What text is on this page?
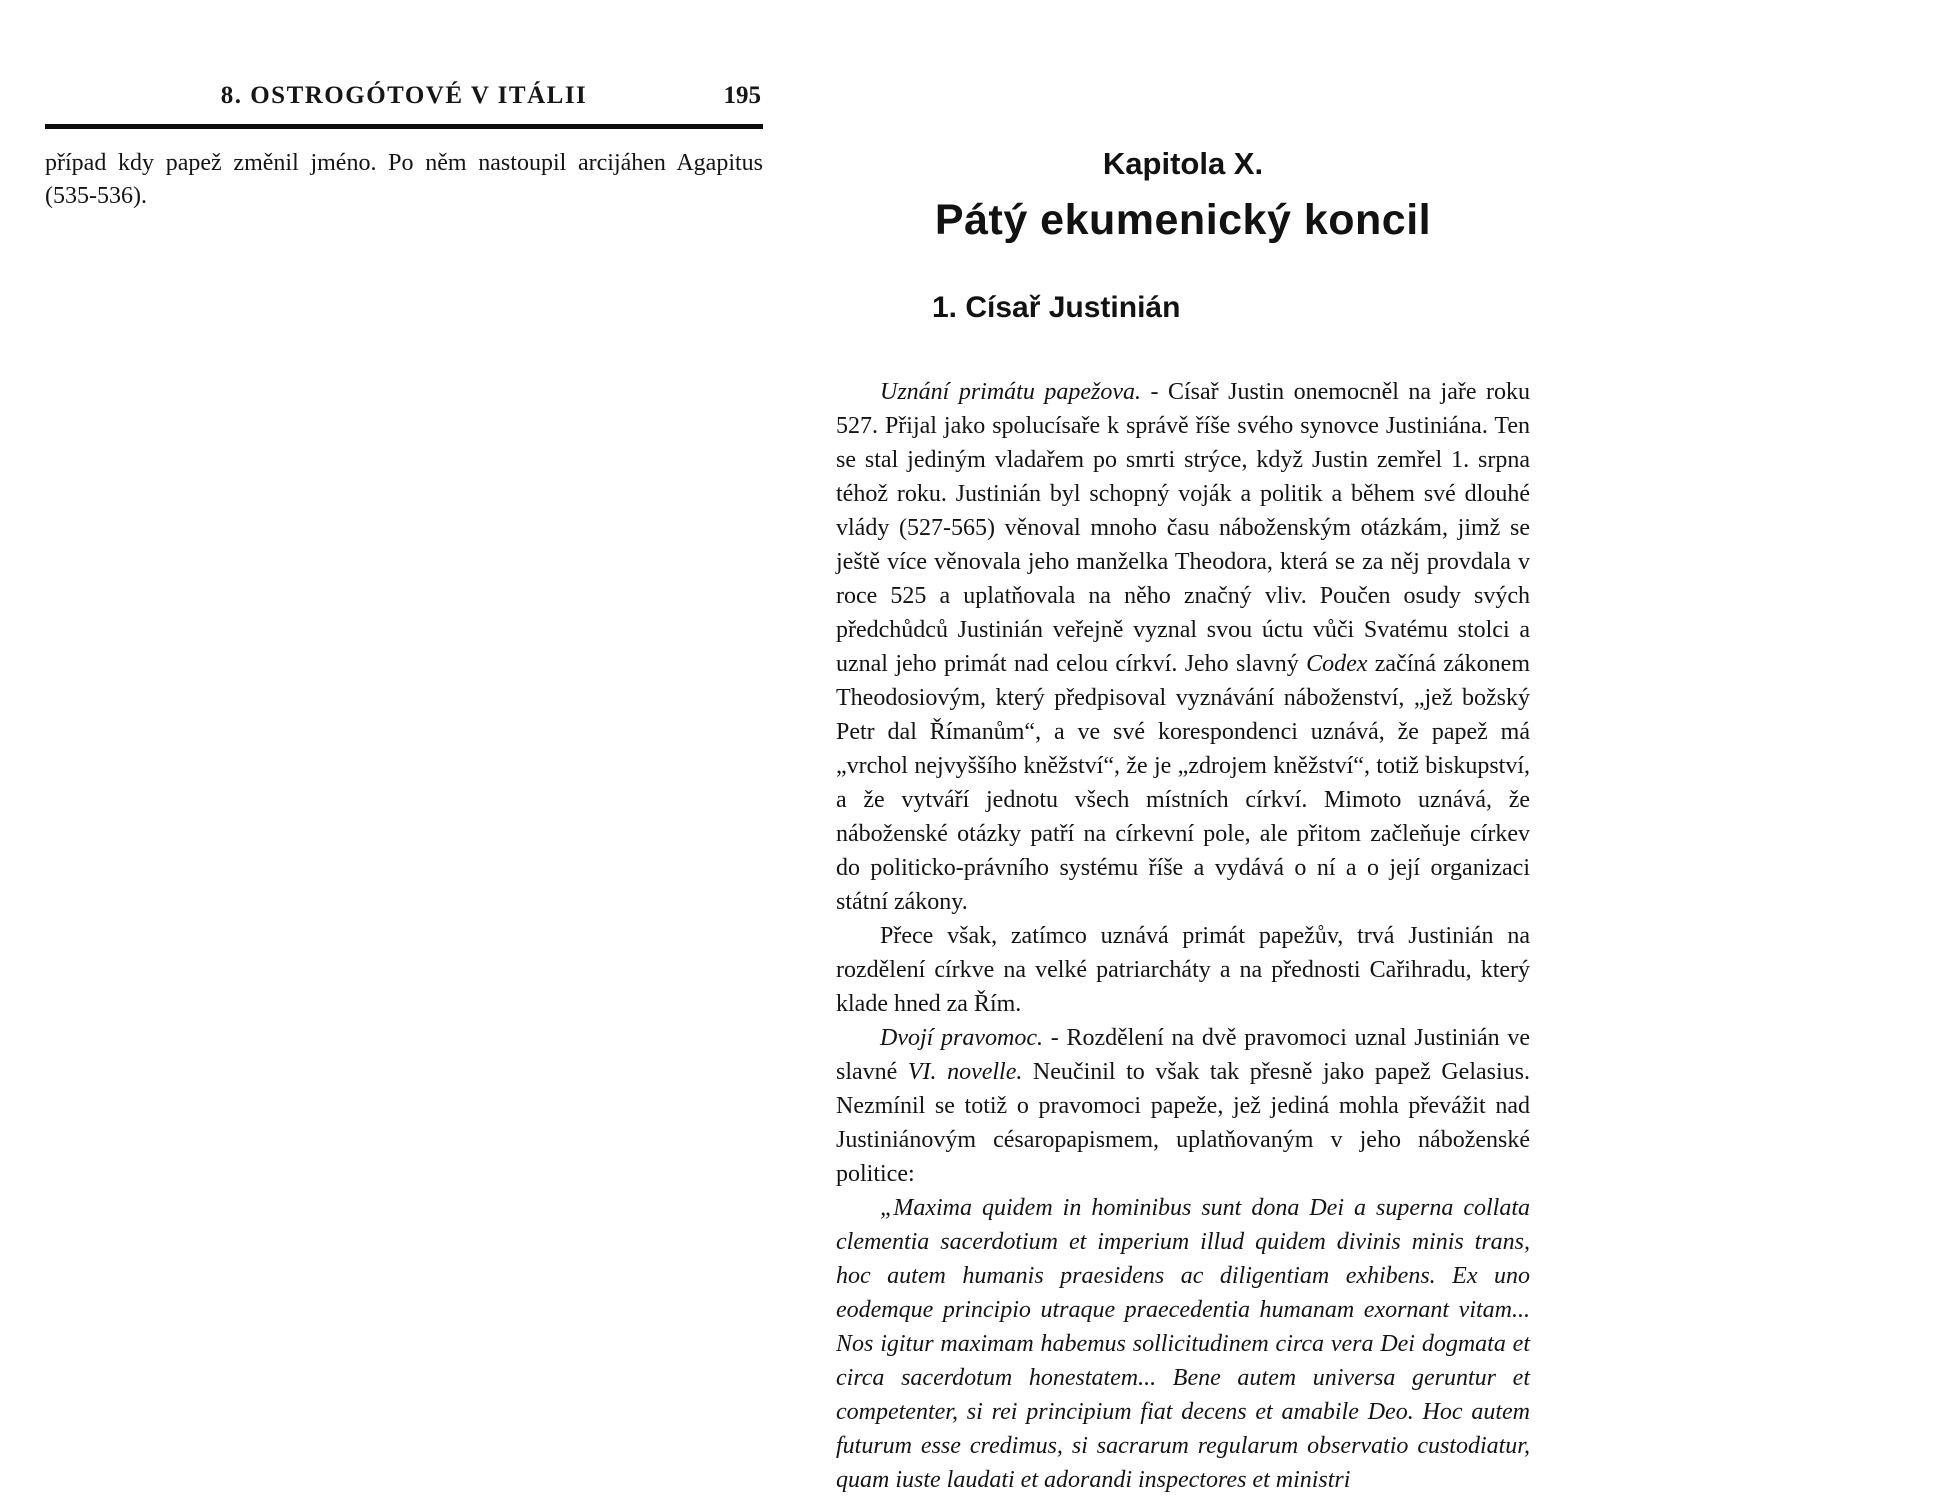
8. OSTROGÓTOVÉ V ITÁLII	195
případ kdy papež změnil jméno. Po něm nastoupil arcijáhen Agapitus (535-536).
Kapitola X.
Pátý ekumenický koncil
1. Císař Justinián

Uznání primátu papežova. - Císař Justin onemocněl na jaře roku 527. Přijal jako spolucísaře k správě říše svého synovce Justiniána. Ten se stal jediným vladařem po smrti strýce, když Justin zemřel 1. srpna téhož roku. Justinián byl schopný voják a politik a během své dlouhé vlády (527-565) věnoval mnoho času náboženským otázkám, jimž se ještě více věnovala jeho manželka Theodora, která se za něj provdala v roce 525 a uplatňovala na něho značný vliv. Poučen osudy svých předchůdců Justinián veřejně vyznal svou úctu vůči Svatému stolci a uznal jeho primát nad celou církví. Jeho slavný Codex začíná zákonem Theodosiovým, který předpisoval vyznávání náboženství, „jež božský Petr dal Římanům“, a ve své korespondenci uznává, že papež má „vrchol nejvyššího kněžství“, že je „zdrojem kněžství“, totiž biskupství, a že vytváří jednotu všech místních církví. Mimoto uznává, že náboženské otázky patří na církevní pole, ale přitom začleňuje církev do politicko-právního systému říše a vydává o ní a o její organizaci státní zákony.

Přece však, zatímco uznává primát papežův, trvá Justinián na rozdělení církve na velké patriarcháty a na přednosti Cařihradu, který klade hned za Řím.

Dvojí pravomoc. - Rozdělení na dvě pravomoci uznal Justinián ve slavné VI. novelle. Neučinil to však tak přesně jako papež Gelasius. Nezmínil se totiž o pravomoci papeže, jež jediná mohla převážit nad Justiniánovým césaropapismem, uplatňovaným v jeho náboženské politice:

„Maxima quidem in hominibus sunt dona Dei a superna collata clementia sacerdotium et imperium illud quidem divinis minis trans, hoc autem humanis praesidens ac diligentiam exhibens. Ex uno eodemque principio utraque praecedentia humanam exornant vitam... Nos igitur maximam habemus sollicitudinem circa vera Dei dogmata et circa sacerdotum honestatem... Bene autem universa geruntur et competenter, si rei principium fiat decens et amabile Deo. Hoc autem futurum esse credimus, si sacrarum regularum observatio custodiatur, quam iuste laudati et adorandi inspectores et ministri
